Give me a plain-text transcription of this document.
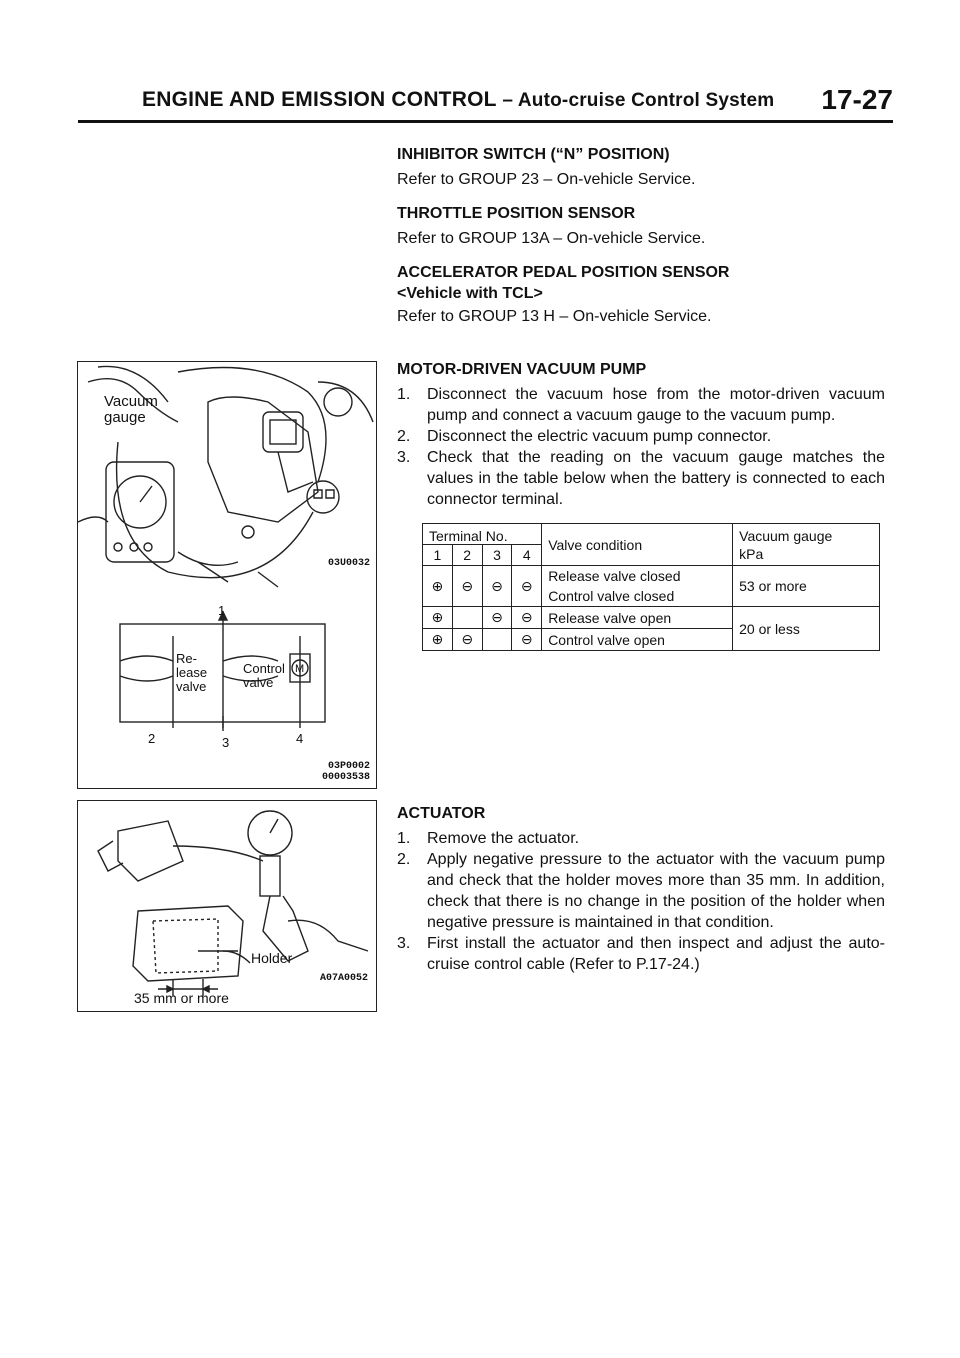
ENGINE AND EMISSION CONTROL – Auto-cruise Control System 17-27
INHIBITOR SWITCH (“N” POSITION)

Refer to GROUP 23 – On-vehicle Service.

THROTTLE POSITION SENSOR

Refer to GROUP 13A – On-vehicle Service.

ACCELERATOR PEDAL POSITION SENSOR
<Vehicle with TCL>

Refer to GROUP 13 H – On-vehicle Service.

MOTOR-DRIVEN VACUUM PUMP
1. Disconnect the vacuum hose from the motor-driven vacuum pump and connect a vacuum gauge to the vacuum pump.
2. Disconnect the electric vacuum pump connector.
3. Check that the reading on the vacuum gauge matches the values in the table below when the battery is connected to each connector terminal.
Terminal No.				Valve condition	Vacuum gauge
kPa

1	2	3	4		
⊕	⊖	⊖	⊖	Release valve closed	53 or more
				Control valve closed	
⊕		⊖	⊖	Release valve open	20 or less
⊕	⊖		⊖	Control valve open	
ACTUATOR
1. Remove the actuator.
2. Apply negative pressure to the actuator with the vacuum pump and check that the holder moves more than 35 mm. In addition, check that there is no change in the position of the holder when negative pressure is maintained in that condition.
3. First install the actuator and then inspect and adjust the auto-cruise control cable (Refer to P.17-24.)
Vacuum
gauge
03U0032
1
2	3	4
Re-
lease
valve
Control
valve
M
03P0002
00003538
Holder
A07A0052
35 mm or more
